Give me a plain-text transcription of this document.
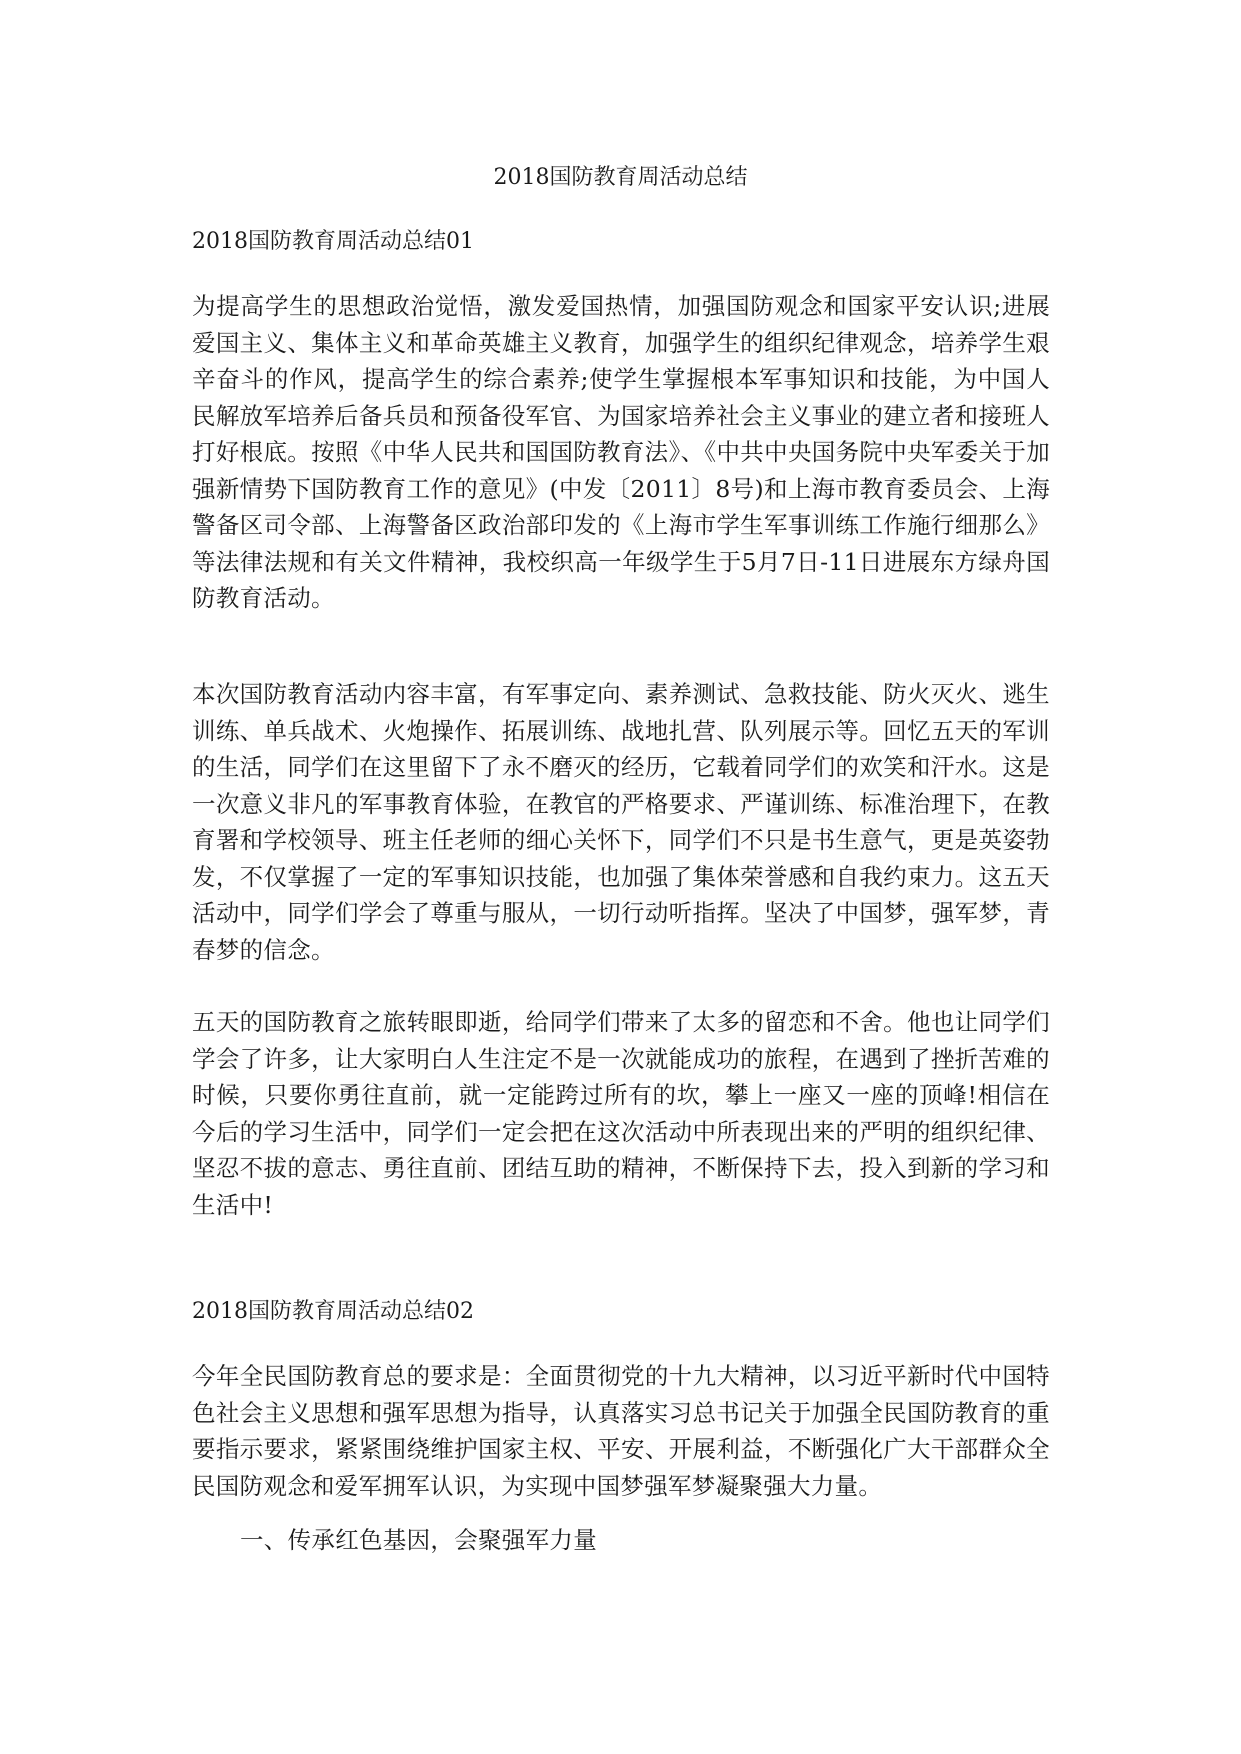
2018国防教育周活动总结
2018国防教育周活动总结01

为提高学生的思想政治觉悟，激发爱国热情，加强国防观念和国家平安认识;进展爱国主义、集体主义和革命英雄主义教育，加强学生的组织纪律观念，培养学生艰辛奋斗的作风，提高学生的综合素养;使学生掌握根本军事知识和技能，为中国人民解放军培养后备兵员和预备役军官、为国家培养社会主义事业的建立者和接班人打好根底。按照《中华人民共和国国防教育法》、《中共中央国务院中央军委关于加强新情势下国防教育工作的意见》(中发〔2011〕8号)和上海市教育委员会、上海警备区司令部、上海警备区政治部印发的《上海市学生军事训练工作施行细那么》等法律法规和有关文件精神，我校织高一年级学生于5月7日-11日进展东方绿舟国防教育活动。

本次国防教育活动内容丰富，有军事定向、素养测试、急救技能、防火灭火、逃生训练、单兵战术、火炮操作、拓展训练、战地扎营、队列展示等。回忆五天的军训的生活，同学们在这里留下了永不磨灭的经历，它载着同学们的欢笑和汗水。这是一次意义非凡的军事教育体验，在教官的严格要求、严谨训练、标准治理下，在教育署和学校领导、班主任老师的细心关怀下，同学们不只是书生意气，更是英姿勃发，不仅掌握了一定的军事知识技能，也加强了集体荣誉感和自我约束力。这五天活动中，同学们学会了尊重与服从，一切行动听指挥。坚决了中国梦，强军梦，青春梦的信念。

五天的国防教育之旅转眼即逝，给同学们带来了太多的留恋和不舍。他也让同学们学会了许多，让大家明白人生注定不是一次就能成功的旅程，在遇到了挫折苦难的时候，只要你勇往直前，就一定能跨过所有的坎，攀上一座又一座的顶峰!相信在今后的学习生活中，同学们一定会把在这次活动中所表现出来的严明的组织纪律、坚忍不拔的意志、勇往直前、团结互助的精神，不断保持下去，投入到新的学习和生活中!

2018国防教育周活动总结02

今年全民国防教育总的要求是：全面贯彻党的十九大精神，以习近平新时代中国特色社会主义思想和强军思想为指导，认真落实习总书记关于加强全民国防教育的重要指示要求，紧紧围绕维护国家主权、平安、开展利益，不断强化广大干部群众全民国防观念和爱军拥军认识，为实现中国梦强军梦凝聚强大力量。

一、传承红色基因，会聚强军力量
